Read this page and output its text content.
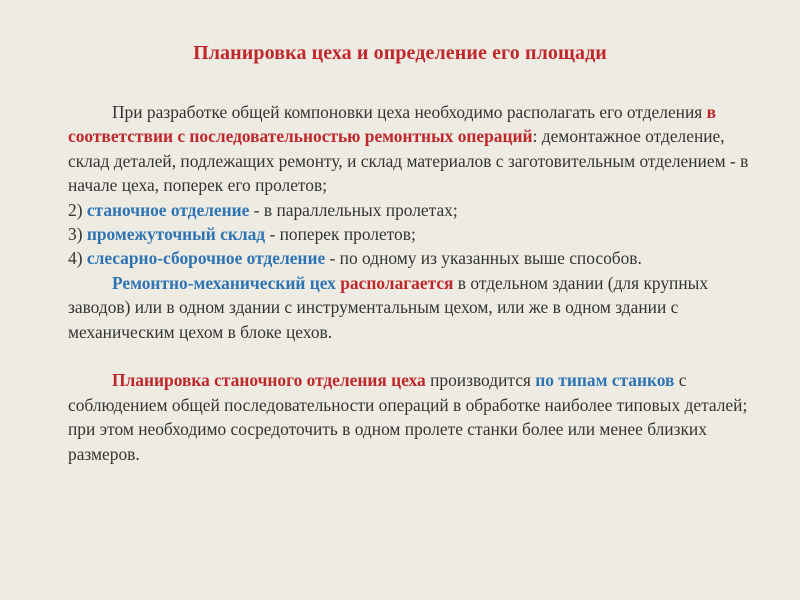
Планировка цеха и определение его площади

При разработке общей компоновки цеха необходимо располагать его отделения в соответствии с последовательностью ремонтных операций: демонтажное отделение, склад деталей, подлежащих ремонту, и склад материалов с заготовительным отделением - в начале цеха, поперек его пролетов;

2) станочное отделение - в параллельных пролетах;

3) промежуточный склад - поперек пролетов;

4) слесарно-сборочное отделение - по одному из указанных выше способов.

Ремонтно-механический цех располагается в отдельном здании (для крупных заводов) или в одном здании с инструментальным цехом, или же в одном здании с механическим цехом в блоке цехов.

Планировка станочного отделения цеха производится по типам станков с соблюдением общей последовательности операций в обработке наиболее типовых деталей; при этом необходимо сосредоточить в одном пролете станки более или менее близких размеров.
